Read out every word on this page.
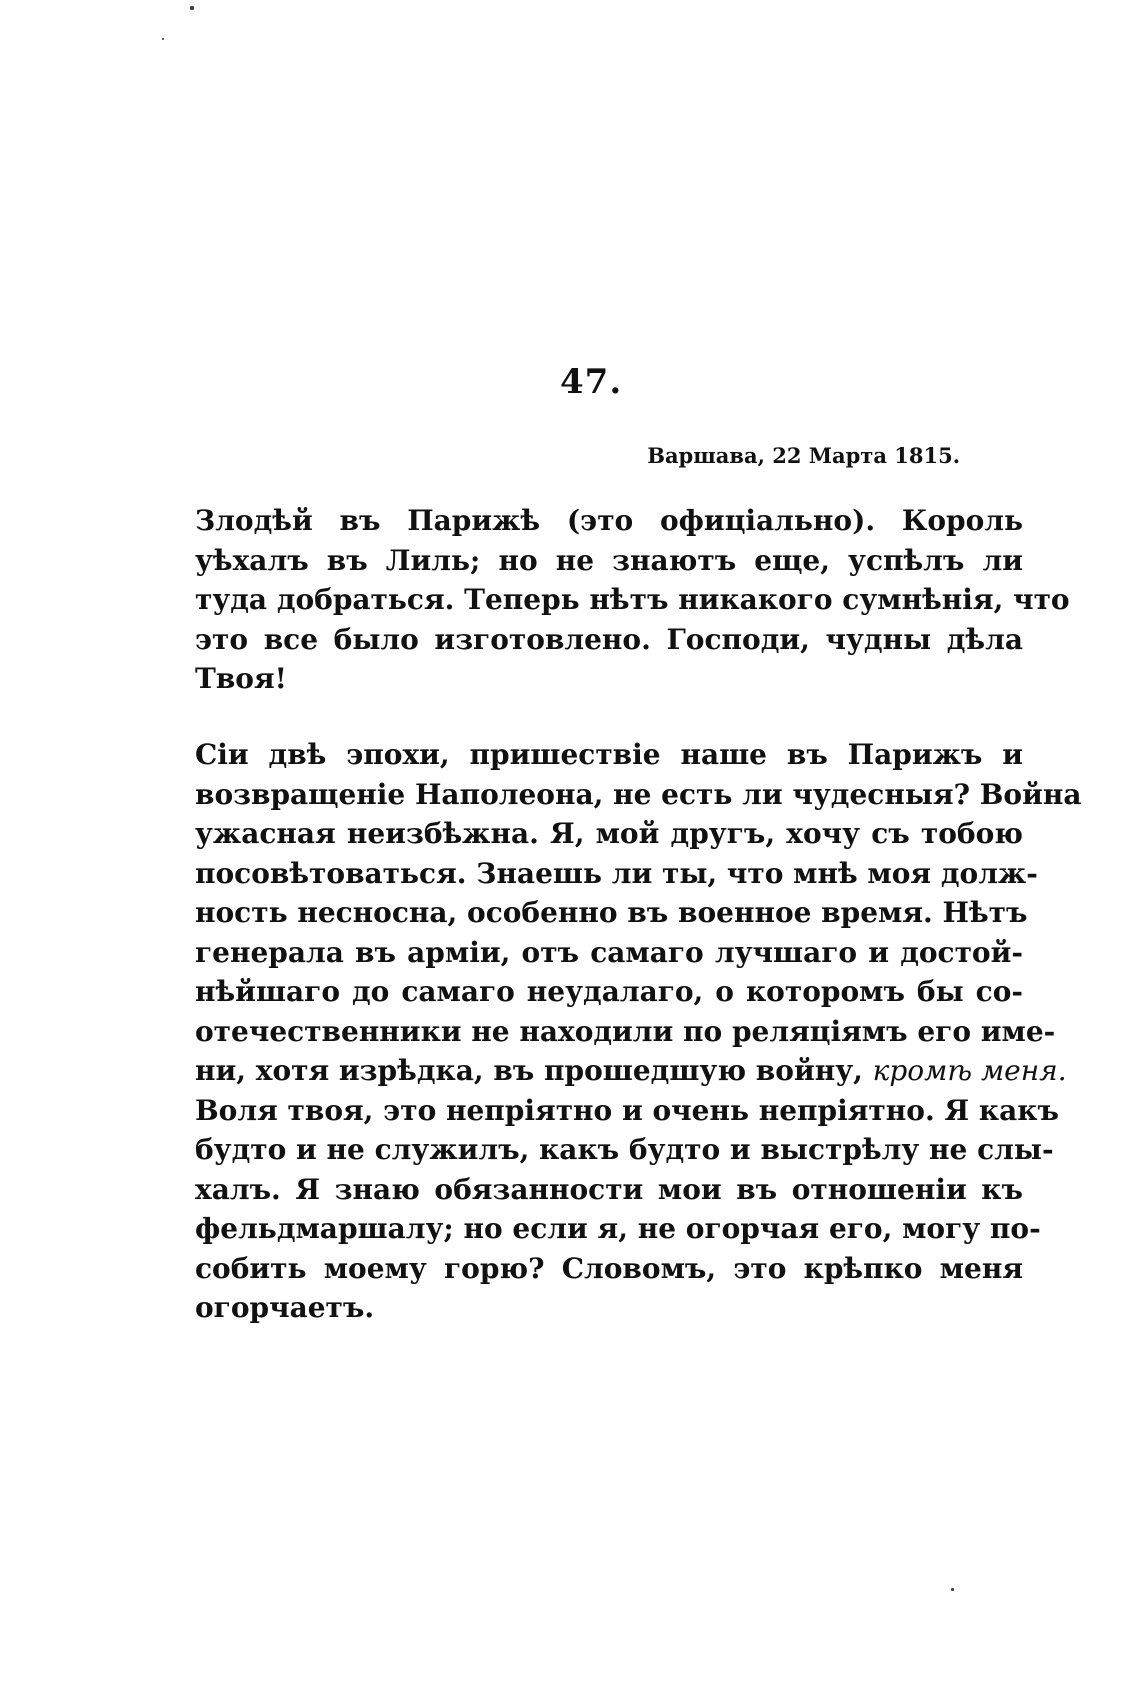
47.
Варшава, 22 Марта 1815.
Злодѣй въ Парижѣ (это офиціально). Король
уѣхалъ въ Лиль; но не знаютъ еще, успѣлъ ли
туда добраться. Теперь нѣтъ никакого сумнѣнія, что
это все было изготовлено. Господи, чудны дѣла
Твоя!
Сіи двѣ эпохи, пришествіе наше въ Парижъ и
возвращеніе Наполеона, не есть ли чудесныя? Война
ужасная неизбѣжна. Я, мой другъ, хочу съ тобою
посовѣтоваться. Знаешь ли ты, что мнѣ моя долж-
ность несносна, особенно въ военное время. Нѣтъ
генерала въ арміи, отъ самаго лучшаго и достой-
нѣйшаго до самаго неудалаго, о которомъ бы со-
отечественники не находили по реляціямъ его име-
ни, хотя изрѣдка, въ прошедшую войну, кромѣ меня.
Воля твоя, это непріятно и очень непріятно. Я какъ
будто и не служилъ, какъ будто и выстрѣлу не слы-
халъ. Я знаю обязанности мои въ отношеніи къ
фельдмаршалу; но если я, не огорчая его, могу по-
собить моему горю? Словомъ, это крѣпко меня
огорчаетъ.
